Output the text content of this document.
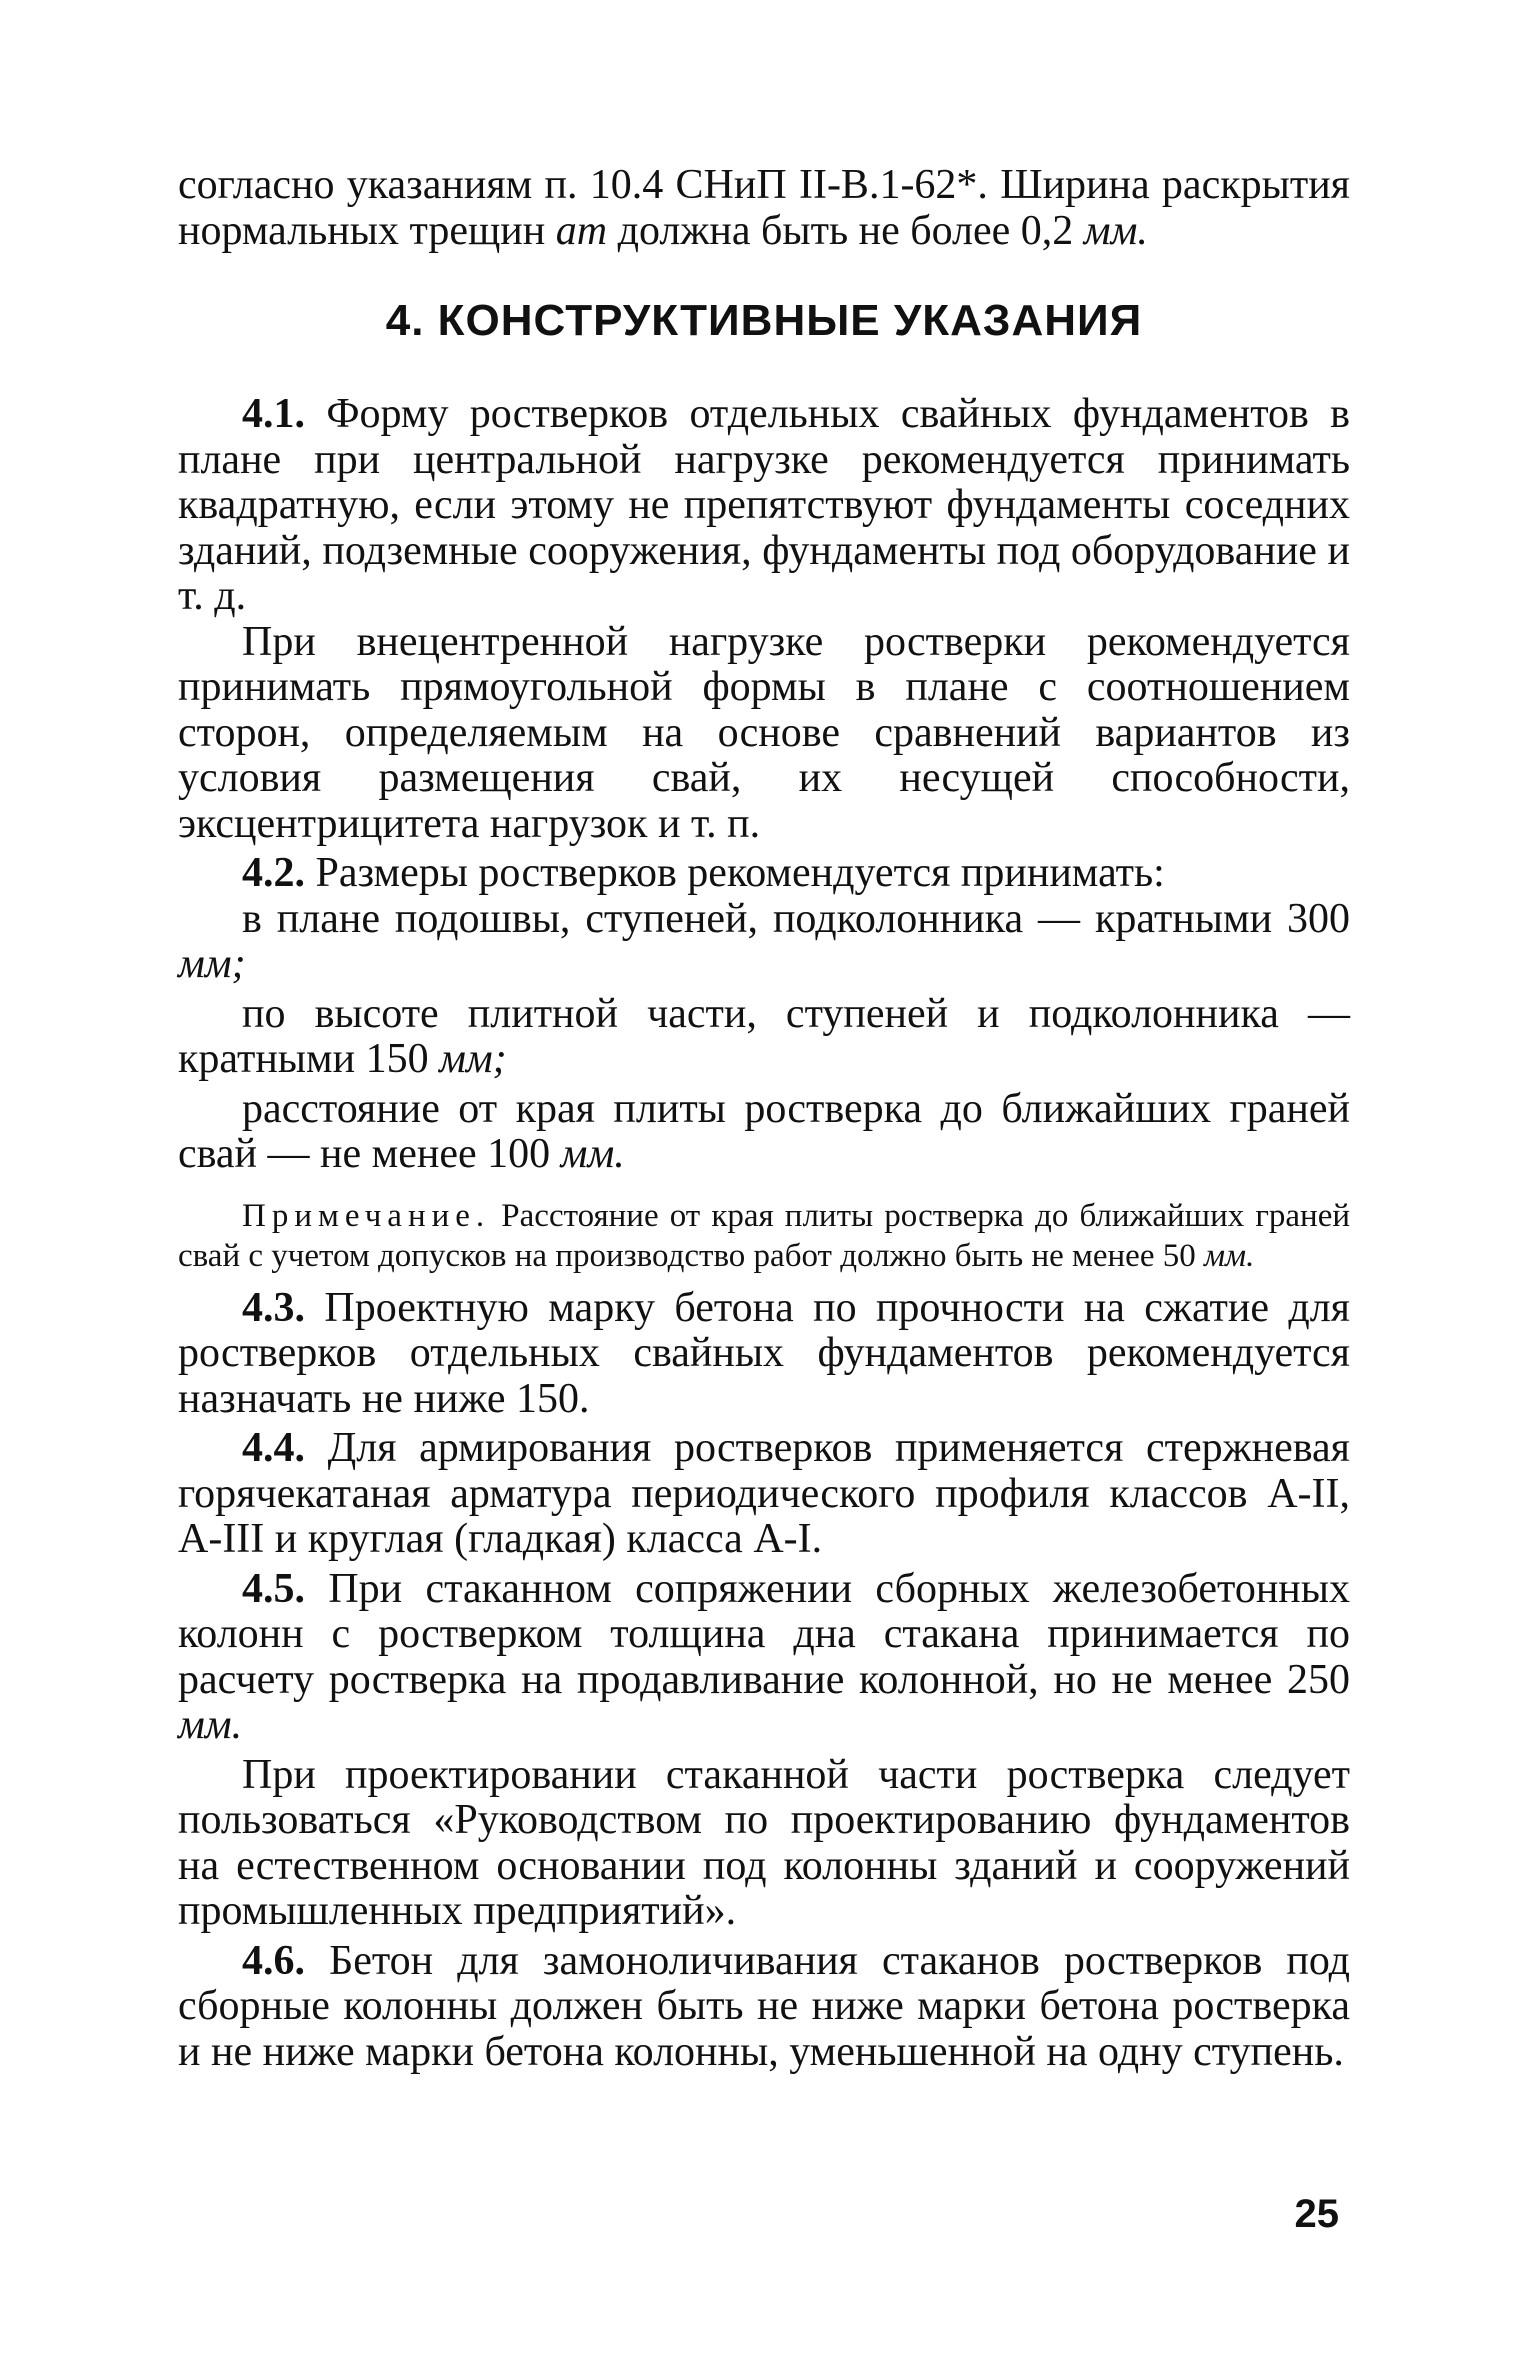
согласно указаниям п. 10.4 СНиП II-В.1-62*. Ширина раскрытия нормальных трещин aт должна быть не более 0,2 мм.

4. КОНСТРУКТИВНЫЕ УКАЗАНИЯ

4.1. Форму ростверков отдельных свайных фундаментов в плане при центральной нагрузке рекомендуется принимать квадратную, если этому не препятствуют фундаменты соседних зданий, подземные сооружения, фундаменты под оборудование и т. д.

При внецентренной нагрузке ростверки рекомендуется принимать прямоугольной формы в плане с соотношением сторон, определяемым на основе сравнений вариантов из условия размещения свай, их несущей способности, эксцентрицитета нагрузок и т. п.

4.2. Размеры ростверков рекомендуется принимать:

в плане подошвы, ступеней, подколонника — кратными 300 мм;

по высоте плитной части, ступеней и подколонника — кратными 150 мм;

расстояние от края плиты ростверка до ближайших граней свай — не менее 100 мм.

Примечание. Расстояние от края плиты ростверка до ближайших граней свай с учетом допусков на производство работ должно быть не менее 50 мм.

4.3. Проектную марку бетона по прочности на сжатие для ростверков отдельных свайных фундаментов рекомендуется назначать не ниже 150.

4.4. Для армирования ростверков применяется стержневая горячекатаная арматура периодического профиля классов А-II, А-III и круглая (гладкая) класса А-I.

4.5. При стаканном сопряжении сборных железобетонных колонн с ростверком толщина дна стакана принимается по расчету ростверка на продавливание колонной, но не менее 250 мм.

При проектировании стаканной части ростверка следует пользоваться «Руководством по проектированию фундаментов на естественном основании под колонны зданий и сооружений промышленных предприятий».

4.6. Бетон для замоноличивания стаканов ростверков под сборные колонны должен быть не ниже марки бетона ростверка и не ниже марки бетона колонны, уменьшенной на одну ступень.

25
